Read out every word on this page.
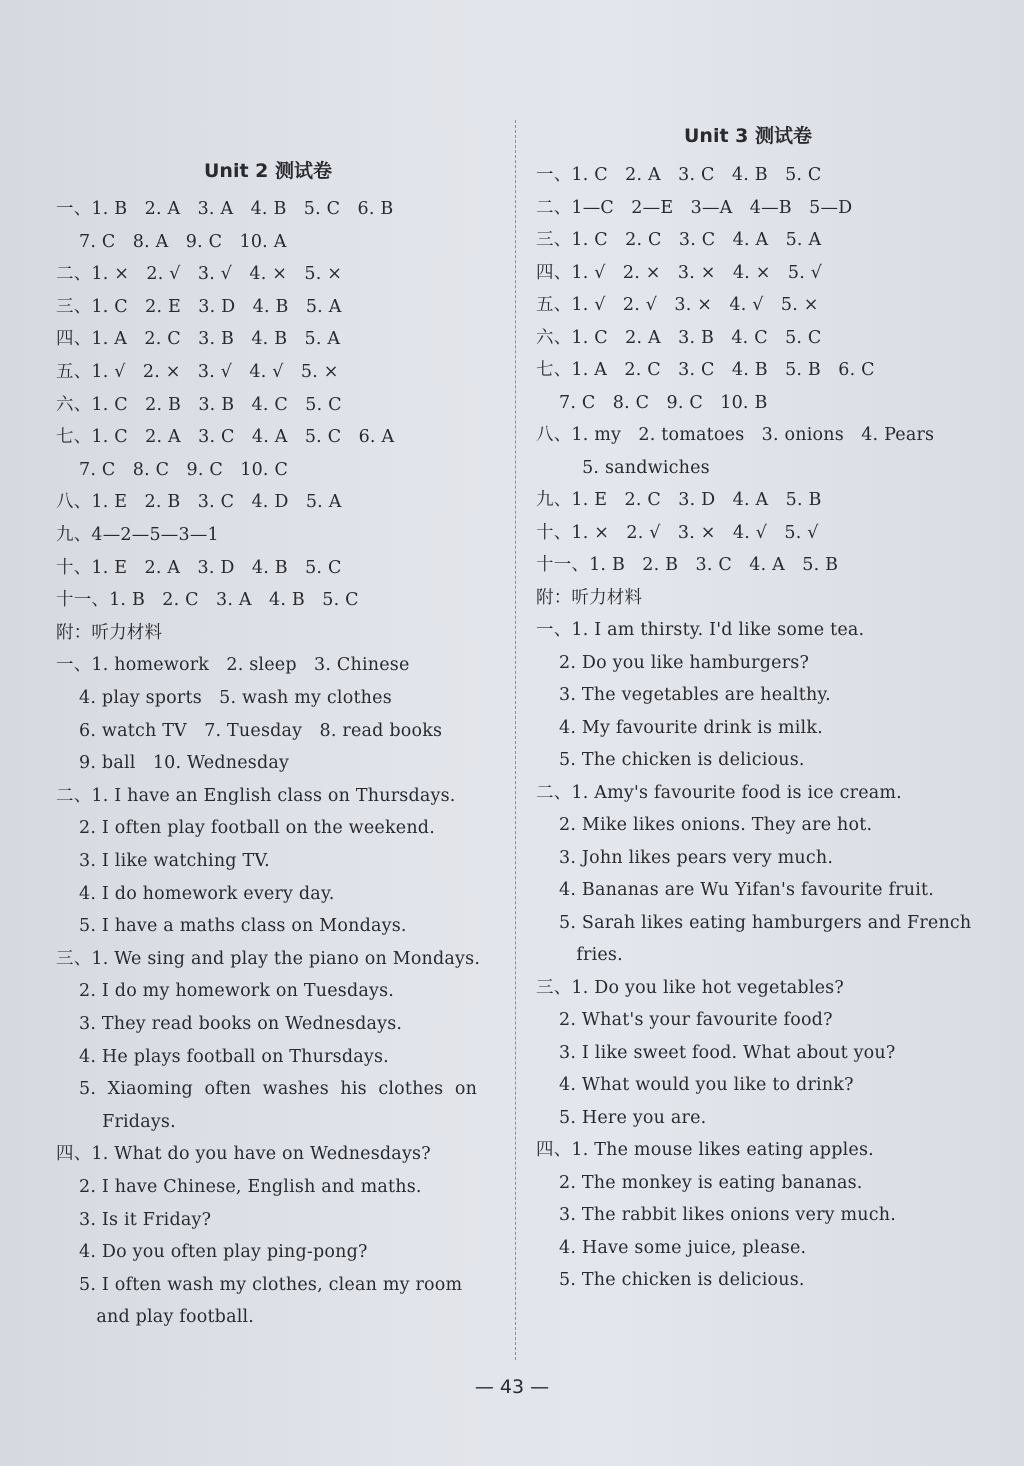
Unit 2 测试卷
一、1. B   2. A   3. A   4. B   5. C   6. B
7. C   8. A   9. C   10. A
二、1. ×   2. √   3. √   4. ×   5. ×
三、1. C   2. E   3. D   4. B   5. A
四、1. A   2. C   3. B   4. B   5. A
五、1. √   2. ×   3. √   4. √   5. ×
六、1. C   2. B   3. B   4. C   5. C
七、1. C   2. A   3. C   4. A   5. C   6. A
7. C   8. C   9. C   10. C
八、1. E   2. B   3. C   4. D   5. A
九、4—2—5—3—1
十、1. E   2. A   3. D   4. B   5. C
十一、1. B   2. C   3. A   4. B   5. C
附：听力材料
一、1. homework   2. sleep   3. Chinese
4. play sports   5. wash my clothes
6. watch TV   7. Tuesday   8. read books
9. ball   10. Wednesday
二、1. I have an English class on Thursdays.
2. I often play football on the weekend.
3. I like watching TV.
4. I do homework every day.
5. I have a maths class on Mondays.
三、1. We sing and play the piano on Mondays.
2. I do my homework on Tuesdays.
3. They read books on Wednesdays.
4. He plays football on Thursdays.
5.  Xiaoming  often  washes  his  clothes  on
Fridays.
四、1. What do you have on Wednesdays?
2. I have Chinese, English and maths.
3. Is it Friday?
4. Do you often play ping-pong?
5. I often wash my clothes, clean my room
and play football.
Unit 3 测试卷
一、1. C   2. A   3. C   4. B   5. C
二、1—C   2—E   3—A   4—B   5—D
三、1. C   2. C   3. C   4. A   5. A
四、1. √   2. ×   3. ×   4. ×   5. √
五、1. √   2. √   3. ×   4. √   5. ×
六、1. C   2. A   3. B   4. C   5. C
七、1. A   2. C   3. C   4. B   5. B   6. C
7. C   8. C   9. C   10. B
八、1. my   2. tomatoes   3. onions   4. Pears
5. sandwiches
九、1. E   2. C   3. D   4. A   5. B
十、1. ×   2. √   3. ×   4. √   5. √
十一、1. B   2. B   3. C   4. A   5. B
附：听力材料
一、1. I am thirsty. I'd like some tea.
2. Do you like hamburgers?
3. The vegetables are healthy.
4. My favourite drink is milk.
5. The chicken is delicious.
二、1. Amy's favourite food is ice cream.
2. Mike likes onions. They are hot.
3. John likes pears very much.
4. Bananas are Wu Yifan's favourite fruit.
5. Sarah likes eating hamburgers and French
fries.
三、1. Do you like hot vegetables?
2. What's your favourite food?
3. I like sweet food. What about you?
4. What would you like to drink?
5. Here you are.
四、1. The mouse likes eating apples.
2. The monkey is eating bananas.
3. The rabbit likes onions very much.
4. Have some juice, please.
5. The chicken is delicious.
— 43 —
